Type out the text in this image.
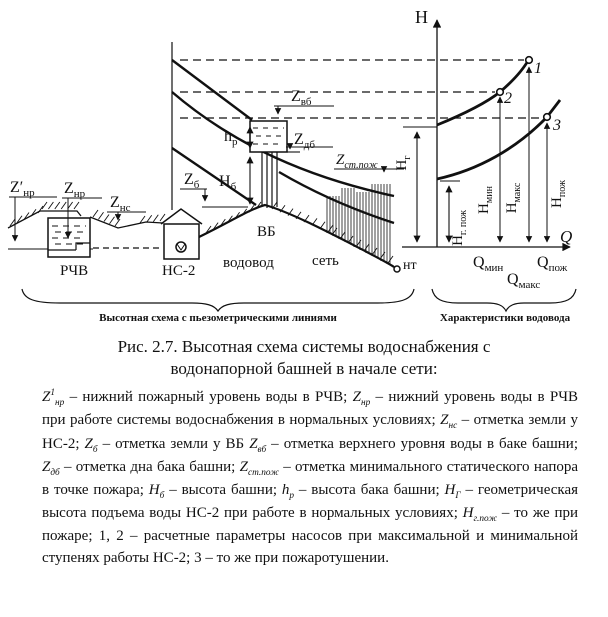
$Z'_{нр}$ $Z_{нр}$ $Z_{нс}$
$Z_б$
$Z_{вб}$
$Z_{дб}$
$Z_{ст.пож}$
$h_р$
$Н_б$
ВБ
водовод	сеть	нт
РЧВ	НС-2
$Н_г$
$Н_{г. пож}$
$Н_{мин}$
$Н_{макс}$
$Н_{пож}$
Н
Q
1
2
3
$Q_{мин}$ $Q_{пож}$
$Q_{макс}$
Высотная схема с пьезометрическими линиями	Характеристики водовода
Рис. 2.7. Высотная схема системы водоснабжения с
водонапорной башней в начале сети:

$Z^1_{нр}$ – нижний пожарный уровень воды в РЧВ; $Z_{нр}$ – нижний уровень воды в РЧВ при работе системы водоснабжения в нормальных условиях; $Z_{нс}$ – отметка земли у НС-2; $Z_б$ – отметка земли у ВБ $Z_{вб}$ – отметка верхнего уровня воды в баке башни; $Z_{дб}$ – отметка дна бака башни; $Z_{ст.пож}$ – отметка минимального статического напора в точке пожара; $Н_б$ – высота башни; $h_р$ – высота бака башни; $Н_Г$ – геометрическая высота подъема воды НС-2 при работе в нормальных условиях; $Н_{г.пож}$ – то же при пожаре; 1, 2 – расчетные параметры насосов при максимальной и минимальной ступенях работы НС-2; 3 – то же при пожаротушении.
